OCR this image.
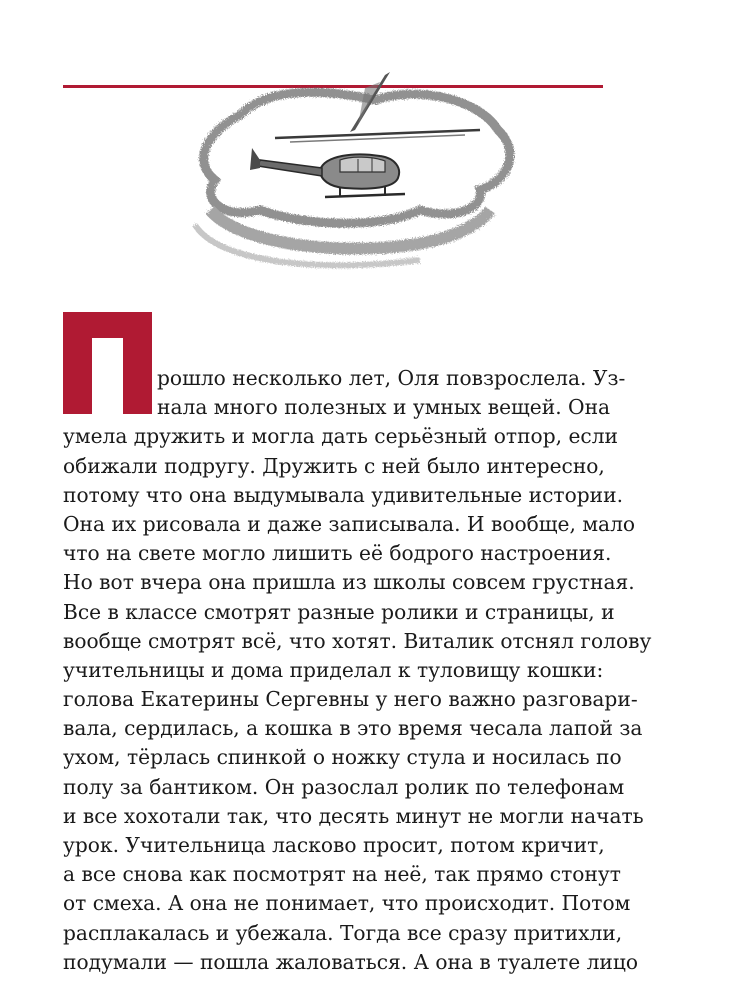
рошло несколько лет, Оля повзрослела. Уз-
нала много полезных и умных вещей. Она
умела дружить и могла дать серьёзный отпор, если
обижали подругу. Дружить с ней было интересно,
потому что она выдумывала удивительные истории.
Она их рисовала и даже записывала. И вообще, мало
что на свете могло лишить её бодрого настроения.
Но вот вчера она пришла из школы совсем грустная.
Все в классе смотрят разные ролики и страницы, и
вообще смотрят всё, что хотят. Виталик отснял голову
учительницы и дома приделал к туловищу кошки:
голова Екатерины Сергевны у него важно разговари-
вала, сердилась, а кошка в это время чесала лапой за
ухом, тёрлась спинкой о ножку стула и носилась по
полу за бантиком. Он разослал ролик по телефонам
и все хохотали так, что десять минут не могли начать
урок. Учительница ласково просит, потом кричит,
а все снова как посмотрят на неё, так прямо стонут
от смеха. А она не понимает, что происходит. Потом
расплакалась и убежала. Тогда все сразу притихли,
подумали — пошла жаловаться. А она в туалете лицо
